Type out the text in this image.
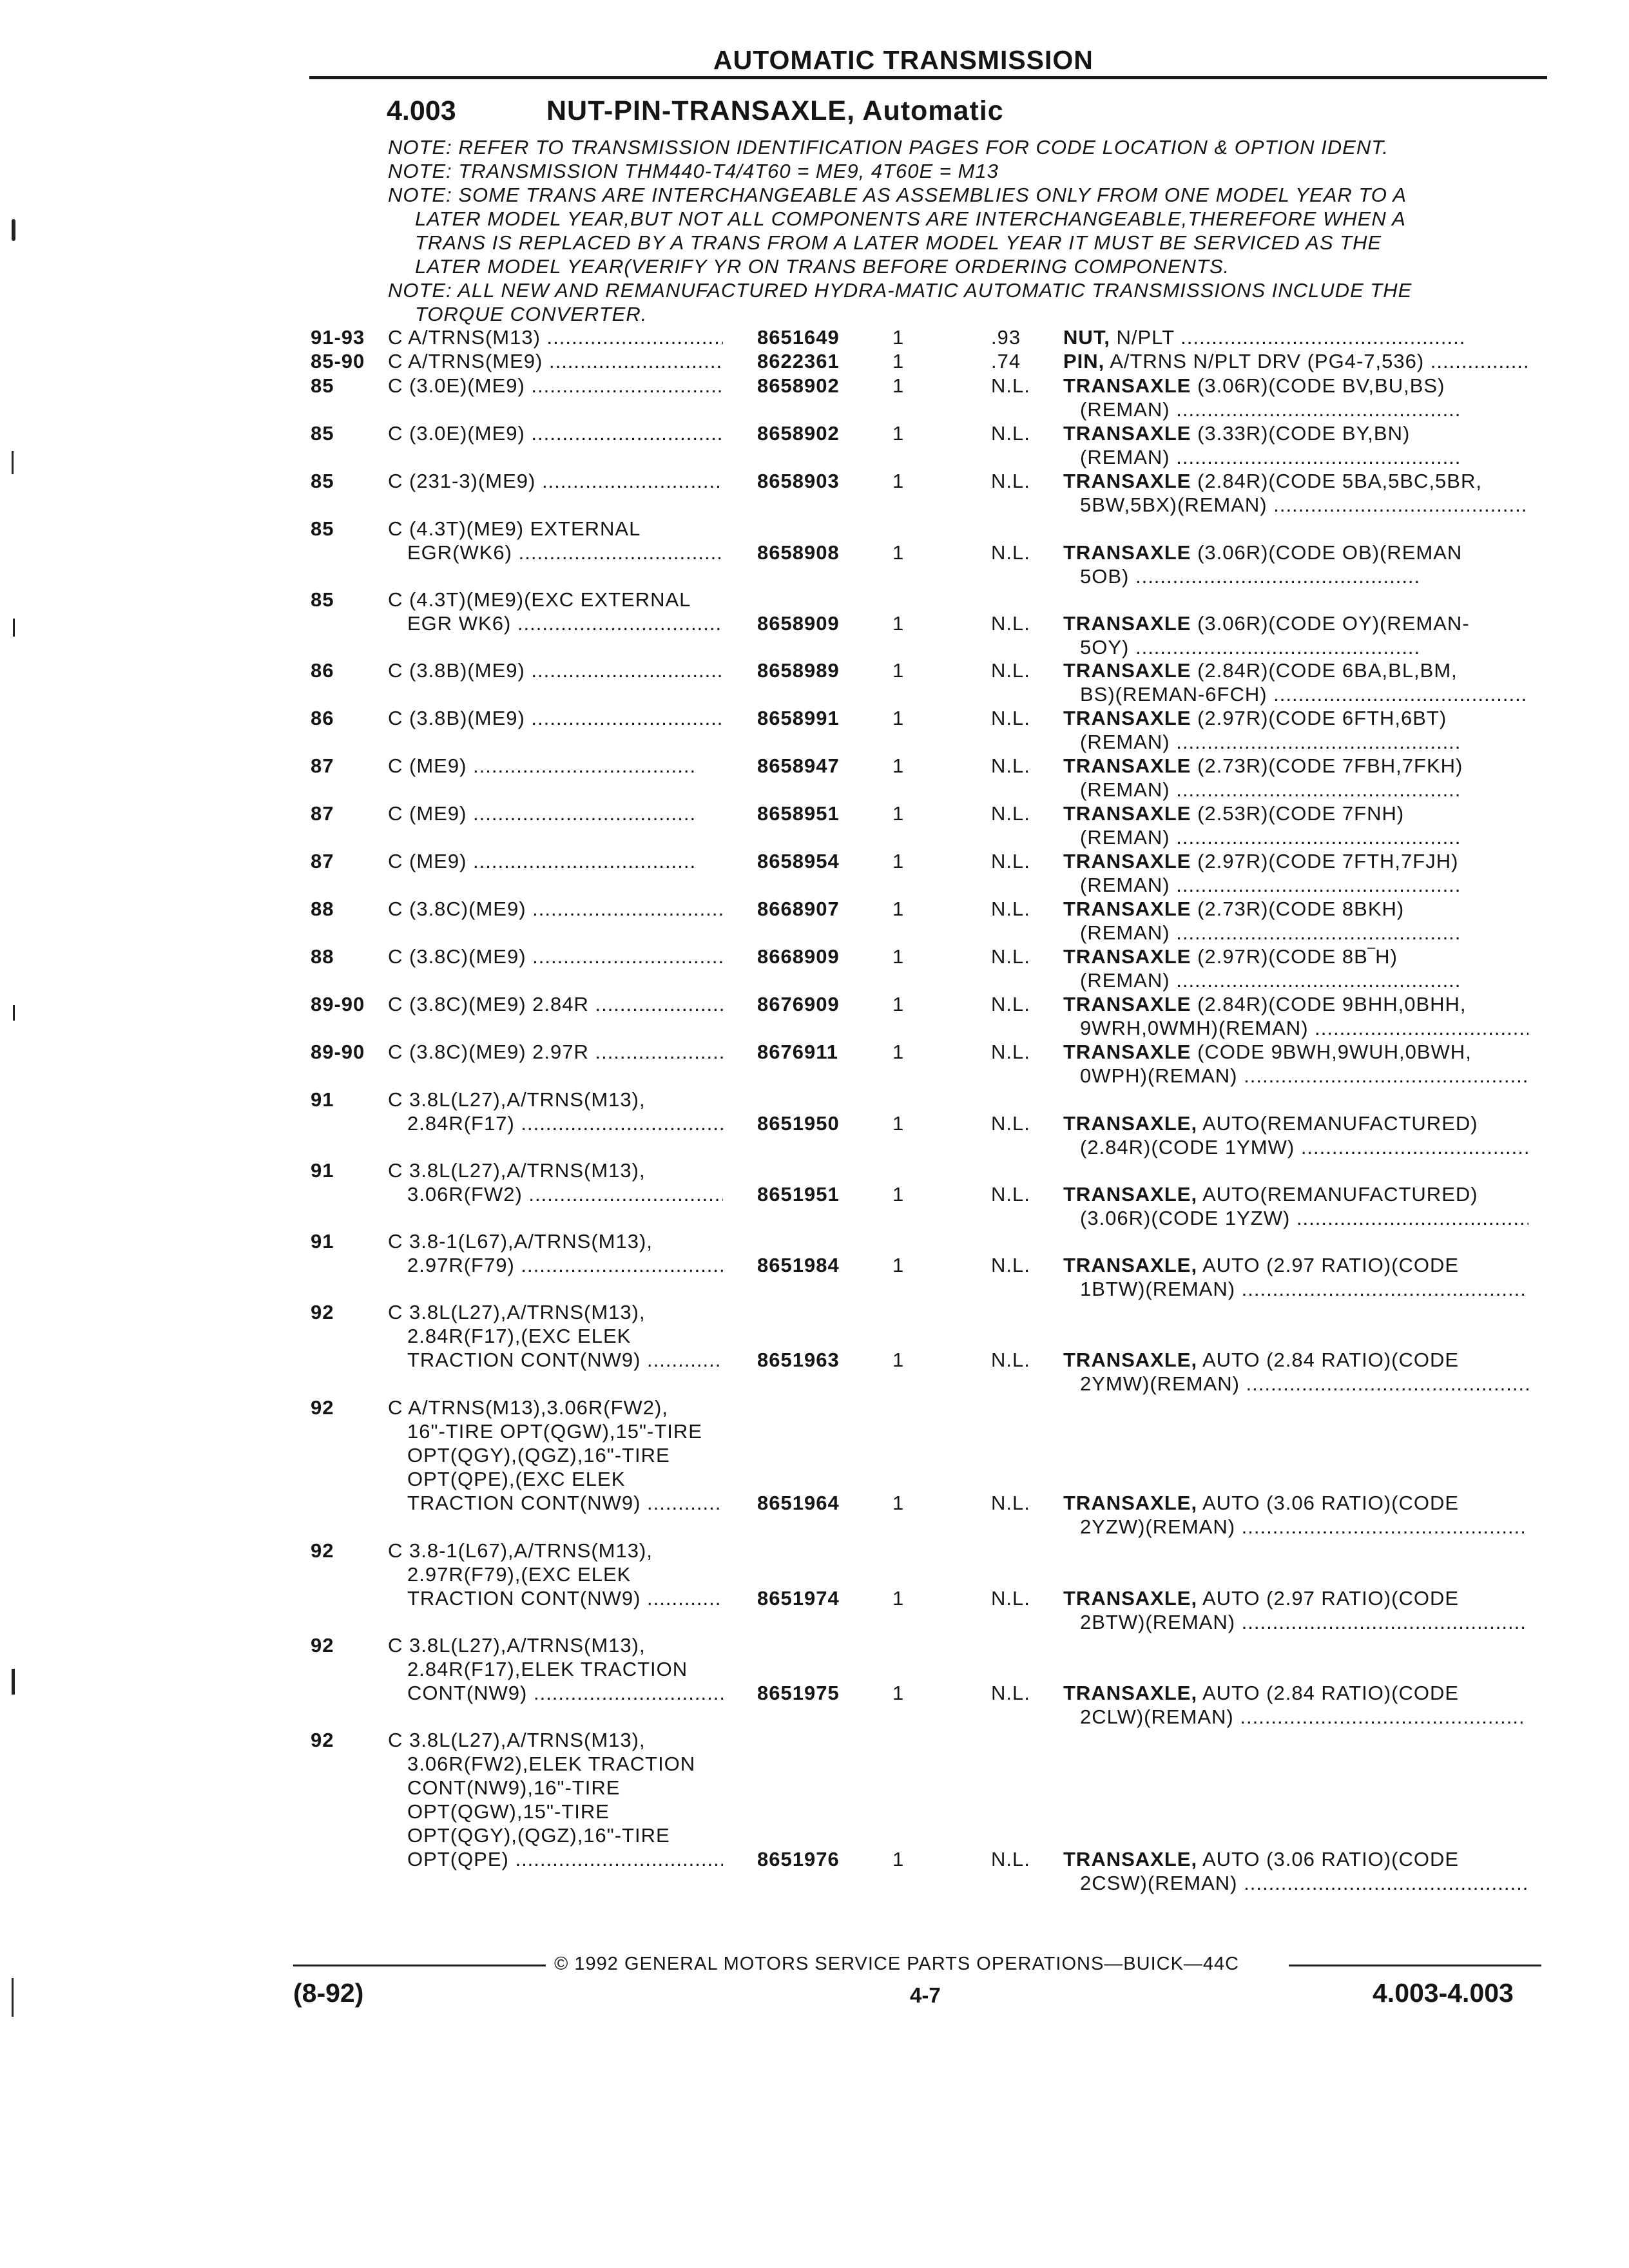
AUTOMATIC TRANSMISSION
4.003	NUT-PIN-TRANSAXLE, Automatic
NOTE: REFER TO TRANSMISSION IDENTIFICATION PAGES FOR CODE LOCATION & OPTION IDENT.
NOTE: TRANSMISSION THM440-T4/4T60 = ME9, 4T60E = M13
NOTE: SOME TRANS ARE INTERCHANGEABLE AS ASSEMBLIES ONLY FROM ONE MODEL YEAR TO A
LATER MODEL YEAR,BUT NOT ALL COMPONENTS ARE INTERCHANGEABLE,THEREFORE WHEN A
TRANS IS REPLACED BY A TRANS FROM A LATER MODEL YEAR IT MUST BE SERVICED AS THE
LATER MODEL YEAR(VERIFY YR ON TRANS BEFORE ORDERING COMPONENTS.
NOTE: ALL NEW AND REMANUFACTURED HYDRA-MATIC AUTOMATIC TRANSMISSIONS INCLUDE THE
TORQUE CONVERTER.
91-93 C A/TRNS(M13) .....	8651649	1	.93 NUT, N/PLT .....
85-90 C A/TRNS(ME9) .....	8622361	1	.74 PIN, A/TRNS N/PLT DRV (PG4-7,536) .....
85	C (3.0E)(ME9) .....	8658902	1	N.L. TRANSAXLE (3.06R)(CODE BV,BU,BS)
(REMAN) .....
85	C (3.0E)(ME9) .....	8658902	1	N.L. TRANSAXLE (3.33R)(CODE BY,BN)
(REMAN) .....
85	C (231-3)(ME9) .....	8658903	1	N.L. TRANSAXLE (2.84R)(CODE 5BA,5BC,5BR,
5BW,5BX)(REMAN) .....
85	C (4.3T)(ME9) EXTERNAL
EGR(WK6) .....	8658908	1	N.L. TRANSAXLE (3.06R)(CODE OB)(REMAN
5OB) .....
85	C (4.3T)(ME9)(EXC EXTERNAL
EGR WK6) .....	8658909	1	N.L. TRANSAXLE (3.06R)(CODE OY)(REMAN-
5OY) .....
86	C (3.8B)(ME9) .....	8658989	1	N.L. TRANSAXLE (2.84R)(CODE 6BA,BL,BM,
BS)(REMAN-6FCH) .....
86	C (3.8B)(ME9) .....	8658991	1	N.L. TRANSAXLE (2.97R)(CODE 6FTH,6BT)
(REMAN) .....
87	C (ME9) .....	8658947	1	N.L. TRANSAXLE (2.73R)(CODE 7FBH,7FKH)
(REMAN) .....
87	C (ME9) .....	8658951	1	N.L. TRANSAXLE (2.53R)(CODE 7FNH)
(REMAN) .....
87	C (ME9) .....	8658954	1	N.L. TRANSAXLE (2.97R)(CODE 7FTH,7FJH)
(REMAN) .....
88	C (3.8C)(ME9) .....	8668907	1	N.L. TRANSAXLE (2.73R)(CODE 8BKH)
(REMAN) .....
88	C (3.8C)(ME9) .....	8668909	1	N.L. TRANSAXLE (2.97R)(CODE 8B‾H)
(REMAN) .....
89-90 C (3.8C)(ME9) 2.84R .....	8676909	1	N.L. TRANSAXLE (2.84R)(CODE 9BHH,0BHH,
9WRH,0WMH)(REMAN) .....
89-90 C (3.8C)(ME9) 2.97R .....	8676911	1	N.L. TRANSAXLE (CODE 9BWH,9WUH,0BWH,
0WPH)(REMAN) .....
91	C 3.8L(L27),A/TRNS(M13),
2.84R(F17) .....	8651950	1	N.L. TRANSAXLE, AUTO(REMANUFACTURED)
(2.84R)(CODE 1YMW) .....
91	C 3.8L(L27),A/TRNS(M13),
3.06R(FW2) .....	8651951	1	N.L. TRANSAXLE, AUTO(REMANUFACTURED)
(3.06R)(CODE 1YZW) .....
91	C 3.8-1(L67),A/TRNS(M13),
2.97R(F79) .....	8651984	1	N.L. TRANSAXLE, AUTO (2.97 RATIO)(CODE
1BTW)(REMAN) .....
92	C 3.8L(L27),A/TRNS(M13),
2.84R(F17),(EXC ELEK
TRACTION CONT(NW9) .....	8651963	1	N.L. TRANSAXLE, AUTO (2.84 RATIO)(CODE
2YMW)(REMAN) .....
92	C A/TRNS(M13),3.06R(FW2),
16"-TIRE OPT(QGW),15"-TIRE
OPT(QGY),(QGZ),16"-TIRE
OPT(QPE),(EXC ELEK
TRACTION CONT(NW9) .....	8651964	1	N.L. TRANSAXLE, AUTO (3.06 RATIO)(CODE
2YZW)(REMAN) .....
92	C 3.8-1(L67),A/TRNS(M13),
2.97R(F79),(EXC ELEK
TRACTION CONT(NW9) .....	8651974	1	N.L. TRANSAXLE, AUTO (2.97 RATIO)(CODE
2BTW)(REMAN) .....
92	C 3.8L(L27),A/TRNS(M13),
2.84R(F17),ELEK TRACTION
CONT(NW9) .....	8651975	1	N.L. TRANSAXLE, AUTO (2.84 RATIO)(CODE
2CLW)(REMAN) .....
92	C 3.8L(L27),A/TRNS(M13),
3.06R(FW2),ELEK TRACTION
CONT(NW9),16"-TIRE
OPT(QGW),15"-TIRE
OPT(QGY),(QGZ),16"-TIRE
OPT(QPE) .....	8651976	1	N.L. TRANSAXLE, AUTO (3.06 RATIO)(CODE
2CSW)(REMAN) .....
© 1992 GENERAL MOTORS SERVICE PARTS OPERATIONS—BUICK—44C
(8-92)	4-7	4.003-4.003
